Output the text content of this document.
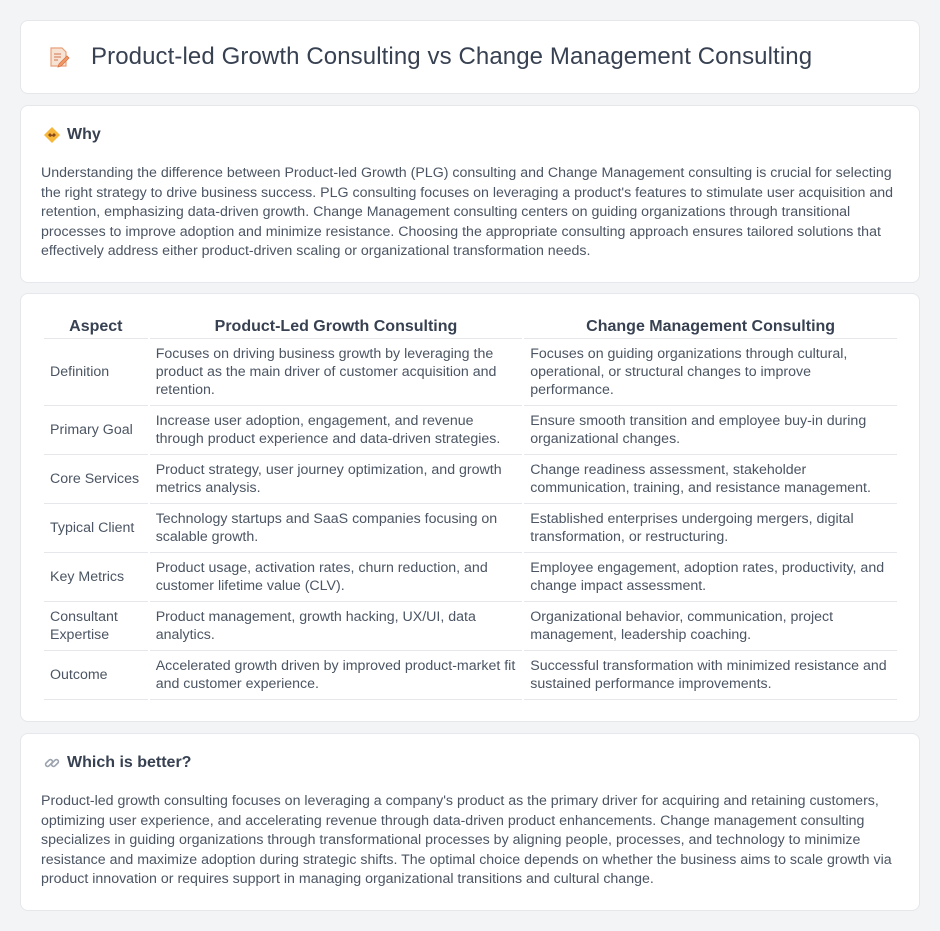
Product-led Growth Consulting vs Change Management Consulting
Why

Understanding the difference between Product-led Growth (PLG) consulting and Change Management consulting is crucial for selecting the right strategy to drive business success. PLG consulting focuses on leveraging a product's features to stimulate user acquisition and retention, emphasizing data-driven growth. Change Management consulting centers on guiding organizations through transitional processes to improve adoption and minimize resistance. Choosing the appropriate consulting approach ensures tailored solutions that effectively address either product-driven scaling or organizational transformation needs.

Aspect	Product-Led Growth Consulting	Change Management Consulting
Definition	Focuses on driving business growth by leveraging the product as the main driver of customer acquisition and retention.	Focuses on guiding organizations through cultural, operational, or structural changes to improve performance.
Primary Goal	Increase user adoption, engagement, and revenue through product experience and data-driven strategies.	Ensure smooth transition and employee buy-in during organizational changes.
Core Services	Product strategy, user journey optimization, and growth metrics analysis.	Change readiness assessment, stakeholder communication, training, and resistance management.
Typical Client	Technology startups and SaaS companies focusing on scalable growth.	Established enterprises undergoing mergers, digital transformation, or restructuring.
Key Metrics	Product usage, activation rates, churn reduction, and customer lifetime value (CLV).	Employee engagement, adoption rates, productivity, and change impact assessment.
Consultant Expertise	Product management, growth hacking, UX/UI, data analytics.	Organizational behavior, communication, project management, leadership coaching.
Outcome	Accelerated growth driven by improved product-market fit and customer experience.	Successful transformation with minimized resistance and sustained performance improvements.
Which is better?

Product-led growth consulting focuses on leveraging a company's product as the primary driver for acquiring and retaining customers, optimizing user experience, and accelerating revenue through data-driven product enhancements. Change management consulting specializes in guiding organizations through transformational processes by aligning people, processes, and technology to minimize resistance and maximize adoption during strategic shifts. The optimal choice depends on whether the business aims to scale growth via product innovation or requires support in managing organizational transitions and cultural change.
